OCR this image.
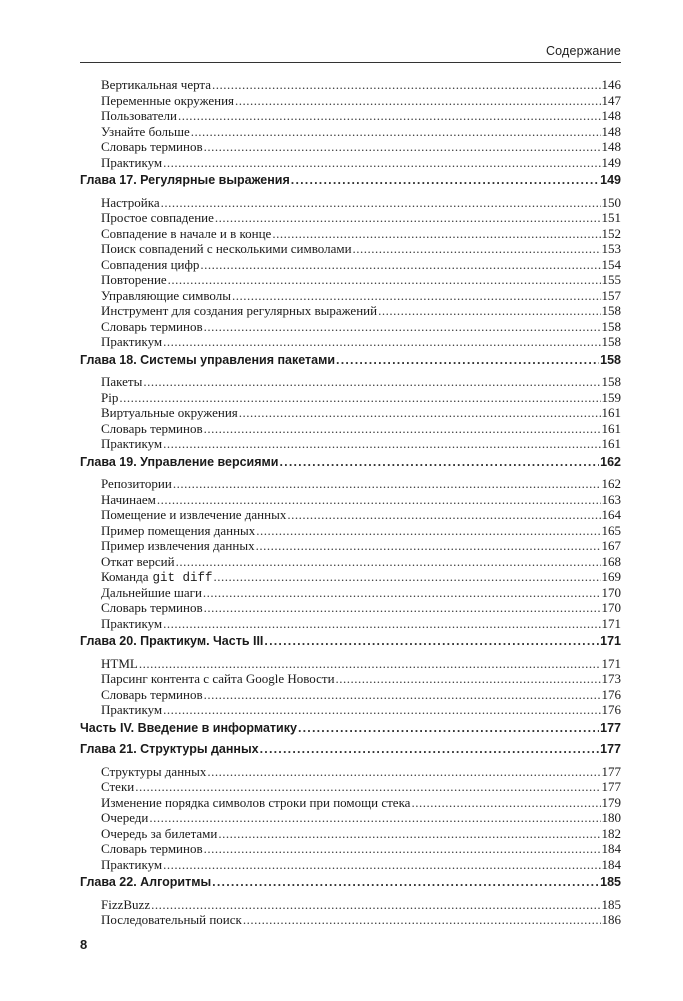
Содержание
Вертикальная черта .....	146
Переменные окружения .....	147
Пользователи .....	148
Узнайте больше .....	148
Словарь терминов .....	148
Практикум .....	149
Глава 17. Регулярные выражения .....	149
Настройка .....	150
Простое совпадение .....	151
Совпадение в начале и в конце .....	152
Поиск совпадений с несколькими символами .....	153
Совпадения цифр .....	154
Повторение .....	155
Управляющие символы .....	157
Инструмент для создания регулярных выражений .....	158
Словарь терминов .....	158
Практикум .....	158
Глава 18. Системы управления пакетами .....	158
Пакеты .....	158
Pip .....	159
Виртуальные окружения .....	161
Словарь терминов .....	161
Практикум .....	161
Глава 19. Управление версиями .....	162
Репозитории .....	162
Начинаем .....	163
Помещение и извлечение данных .....	164
Пример помещения данных .....	165
Пример извлечения данных .....	167
Откат версий .....	168
Команда git diff .....	169
Дальнейшие шаги .....	170
Словарь терминов .....	170
Практикум .....	171
Глава 20. Практикум. Часть III .....	171
HTML .....	171
Парсинг контента с сайта Google Новости .....	173
Словарь терминов .....	176
Практикум .....	176
Часть IV. Введение в информатику .....	177
Глава 21. Структуры данных .....	177
Структуры данных .....	177
Стеки .....	177
Изменение порядка символов строки при помощи стека .....	179
Очереди .....	180
Очередь за билетами .....	182
Словарь терминов .....	184
Практикум .....	184
Глава 22. Алгоритмы .....	185
FizzBuzz .....	185
Последовательный поиск .....	186
8
